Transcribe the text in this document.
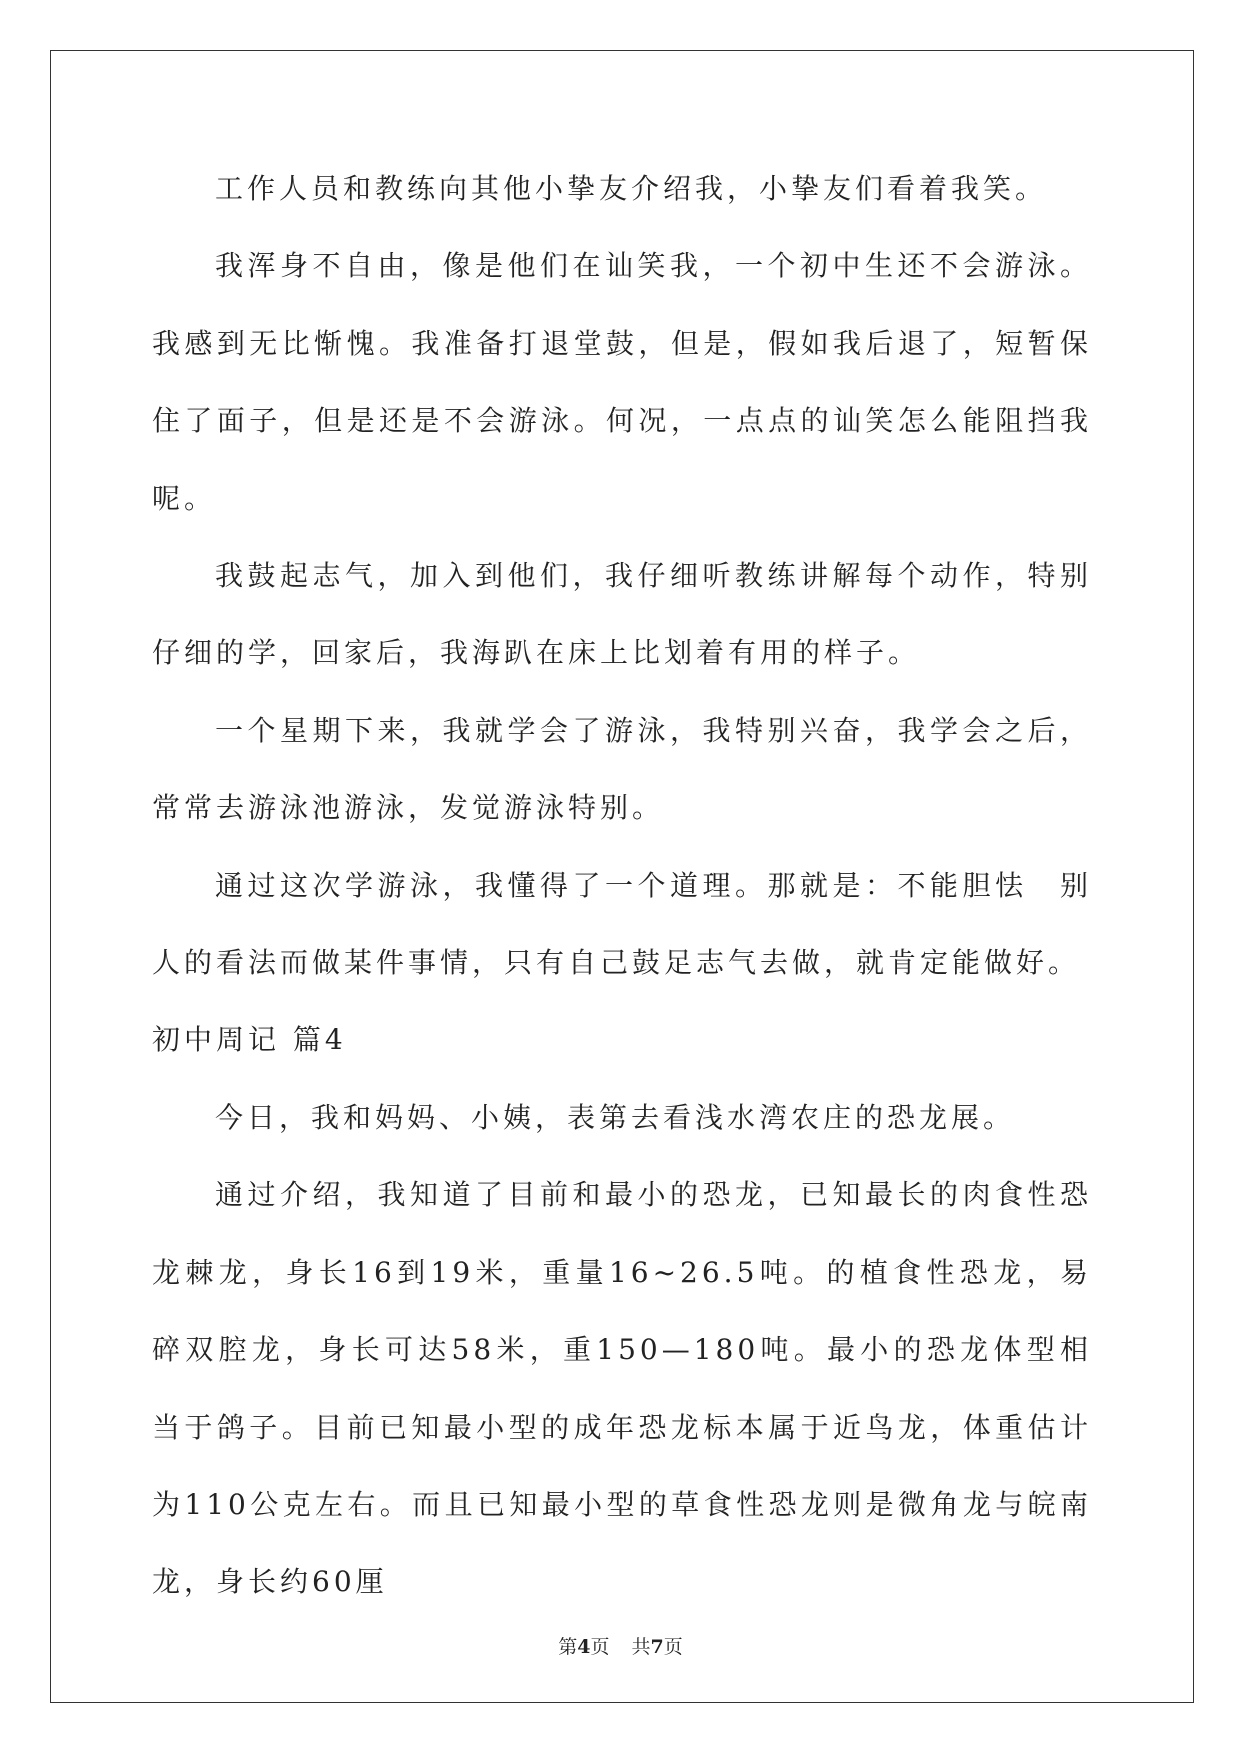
工作人员和教练向其他小挚友介绍我，小挚友们看着我笑。

我浑身不自由，像是他们在讪笑我，一个初中生还不会游泳。我感到无比惭愧。我准备打退堂鼓，但是，假如我后退了，短暂保住了面子，但是还是不会游泳。何况，一点点的讪笑怎么能阻挡我呢。

我鼓起志气，加入到他们，我仔细听教练讲解每个动作，特别仔细的学，回家后，我海趴在床上比划着有用的样子。

一个星期下来，我就学会了游泳，我特别兴奋，我学会之后，常常去游泳池游泳，发觉游泳特别。

通过这次学游泳，我懂得了一个道理。那就是：不能胆怯　别人的看法而做某件事情，只有自己鼓足志气去做，就肯定能做好。

初中周记 篇4

今日，我和妈妈、小姨，表第去看浅水湾农庄的恐龙展。

通过介绍，我知道了目前和最小的恐龙，已知最长的肉食性恐龙棘龙，身长16到19米，重量16~26.5吨。的植食性恐龙，易碎双腔龙，身长可达58米，重150—180吨。最小的恐龙体型相当于鸽子。目前已知最小型的成年恐龙标本属于近鸟龙，体重估计为110公克左右。而且已知最小型的草食性恐龙则是微角龙与皖南龙，身长约60厘

第4页 共7页
